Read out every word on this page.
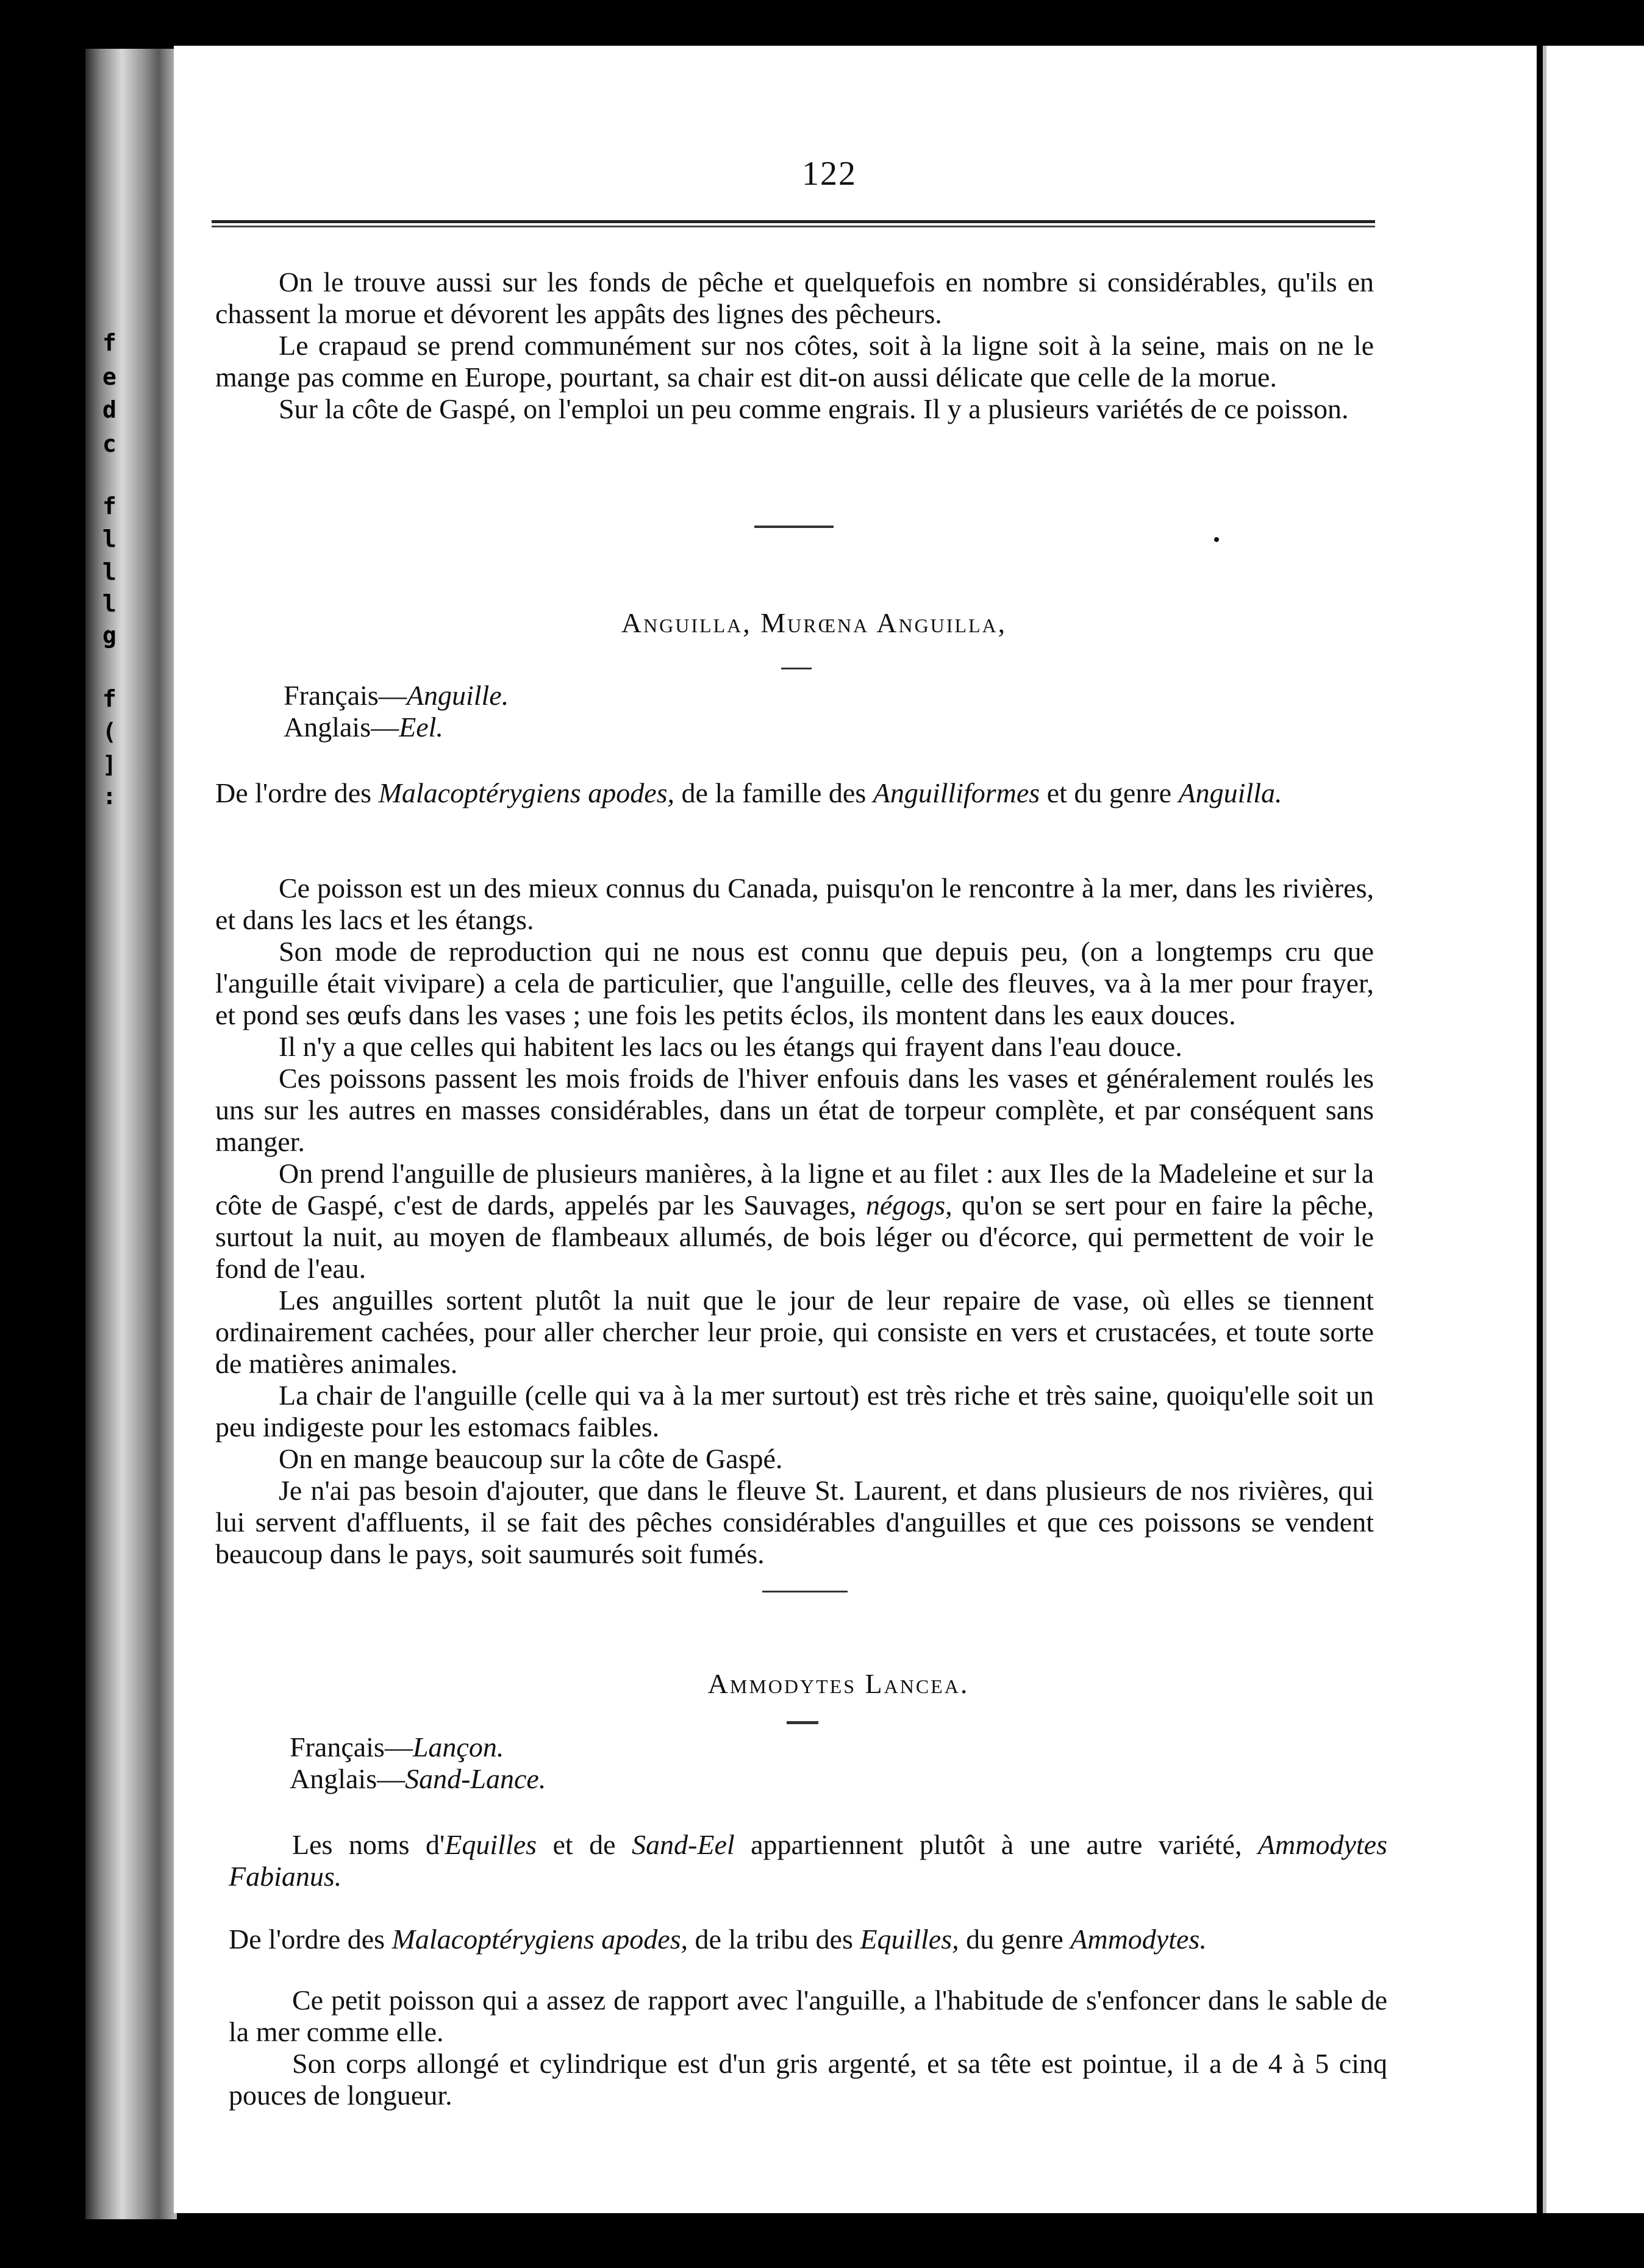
f
e
d
c
f
l
l
l
g
f
(
]
:
122

On le trouve aussi sur les fonds de pêche et quelquefois en nombre si considérables, qu'ils en chassent la morue et dévorent les appâts des lignes des pêcheurs.

Le crapaud se prend communément sur nos côtes, soit à la ligne soit à la seine, mais on ne le mange pas comme en Europe, pourtant, sa chair est dit-on aussi délicate que celle de la morue.

Sur la côte de Gaspé, on l'emploi un peu comme engrais. Il y a plusieurs variétés de ce poisson.

Anguilla, Murœna Anguilla,
Français—Anguille.
Anglais—Eel.

De l'ordre des Malacoptérygiens apodes, de la famille des Anguilliformes et du genre Anguilla.

Ce poisson est un des mieux connus du Canada, puisqu'on le rencontre à la mer, dans les rivières, et dans les lacs et les étangs.

Son mode de reproduction qui ne nous est connu que depuis peu, (on a longtemps cru que l'anguille était vivipare) a cela de particulier, que l'anguille, celle des fleuves, va à la mer pour frayer, et pond ses œufs dans les vases ; une fois les petits éclos, ils montent dans les eaux douces.

Il n'y a que celles qui habitent les lacs ou les étangs qui frayent dans l'eau douce.

Ces poissons passent les mois froids de l'hiver enfouis dans les vases et généralement roulés les uns sur les autres en masses considérables, dans un état de torpeur complète, et par conséquent sans manger.

On prend l'anguille de plusieurs manières, à la ligne et au filet : aux Iles de la Madeleine et sur la côte de Gaspé, c'est de dards, appelés par les Sauvages, négogs, qu'on se sert pour en faire la pêche, surtout la nuit, au moyen de flambeaux allumés, de bois léger ou d'écorce, qui permettent de voir le fond de l'eau.

Les anguilles sortent plutôt la nuit que le jour de leur repaire de vase, où elles se tiennent ordinairement cachées, pour aller chercher leur proie, qui consiste en vers et crustacées, et toute sorte de matières animales.

La chair de l'anguille (celle qui va à la mer surtout) est très riche et très saine, quoiqu'elle soit un peu indigeste pour les estomacs faibles.

On en mange beaucoup sur la côte de Gaspé.

Je n'ai pas besoin d'ajouter, que dans le fleuve St. Laurent, et dans plusieurs de nos rivières, qui lui servent d'affluents, il se fait des pêches considérables d'anguilles et que ces poissons se vendent beaucoup dans le pays, soit saumurés soit fumés.

Ammodytes Lancea.
Français—Lançon.
Anglais—Sand-Lance.

Les noms d'Equilles et de Sand-Eel appartiennent plutôt à une autre variété, Ammodytes Fabianus.

De l'ordre des Malacoptérygiens apodes, de la tribu des Equilles, du genre Ammodytes.

Ce petit poisson qui a assez de rapport avec l'anguille, a l'habitude de s'enfoncer dans le sable de la mer comme elle.

Son corps allongé et cylindrique est d'un gris argenté, et sa tête est pointue, il a de 4 à 5 cinq pouces de longueur.
